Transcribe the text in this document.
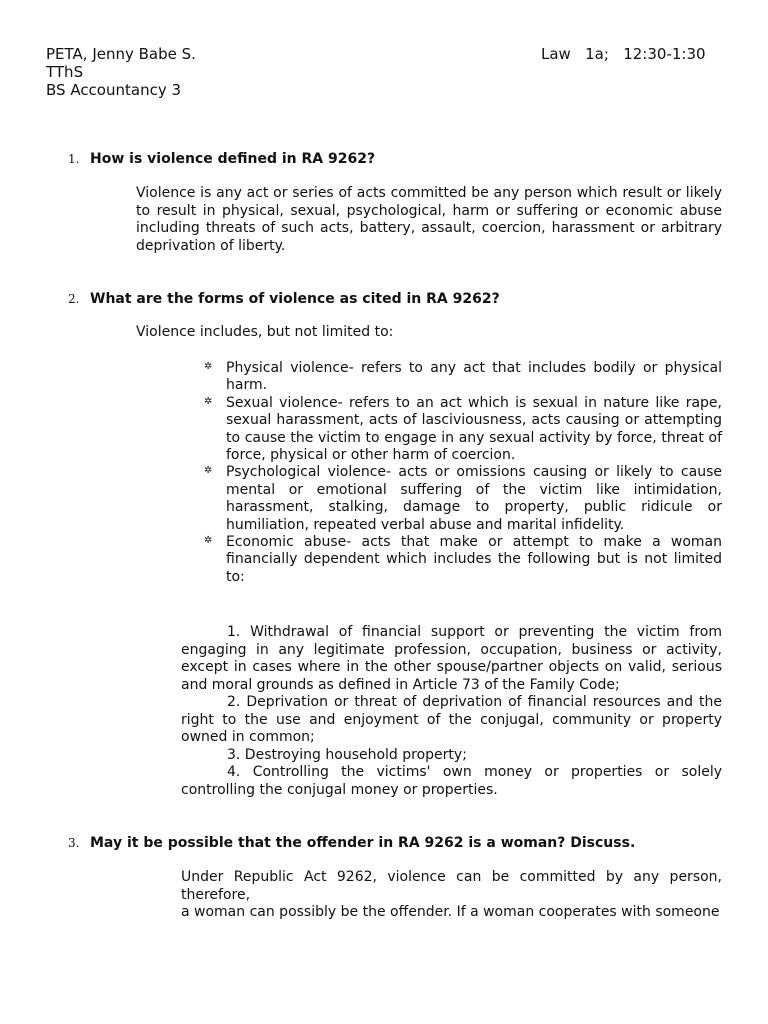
PETA, Jenny Babe S.
TThS
BS Accountancy 3
Law   1a;   12:30-1:30
1. How is violence defined in RA 9262?
Violence is any act or series of acts committed be any person which result or likely to result in physical, sexual, psychological, harm or suffering or economic abuse including threats of such acts, battery, assault, coercion, harassment or arbitrary deprivation of liberty.
2. What are the forms of violence as cited in RA 9262?
Violence includes, but not limited to:
✲ Physical violence- refers to any act that includes bodily or physical harm.
✲ Sexual violence- refers to an act which is sexual in nature like rape, sexual harassment, acts of lasciviousness, acts causing or attempting to cause the victim to engage in any sexual activity by force, threat of force, physical or other harm of coercion.
✲ Psychological violence- acts or omissions causing or likely to cause mental or emotional suffering of the victim like intimidation, harassment, stalking, damage to property, public ridicule or humiliation, repeated verbal abuse and marital infidelity.
✲ Economic abuse- acts that make or attempt to make a woman financially dependent which includes the following but is not limited to:

1. Withdrawal of financial support or preventing the victim from engaging in any legitimate profession, occupation, business or activity, except in cases where in the other spouse/partner objects on valid, serious and moral grounds as defined in Article 73 of the Family Code;

2. Deprivation or threat of deprivation of financial resources and the right to the use and enjoyment of the conjugal, community or property owned in common;

3. Destroying household property;

4. Controlling the victims' own money or properties or solely controlling the conjugal money or properties.

3. May it be possible that the offender in RA 9262 is a woman? Discuss.
Under Republic Act 9262, violence can be committed by any person, therefore,
a woman can possibly be the offender. If a woman cooperates with someone
